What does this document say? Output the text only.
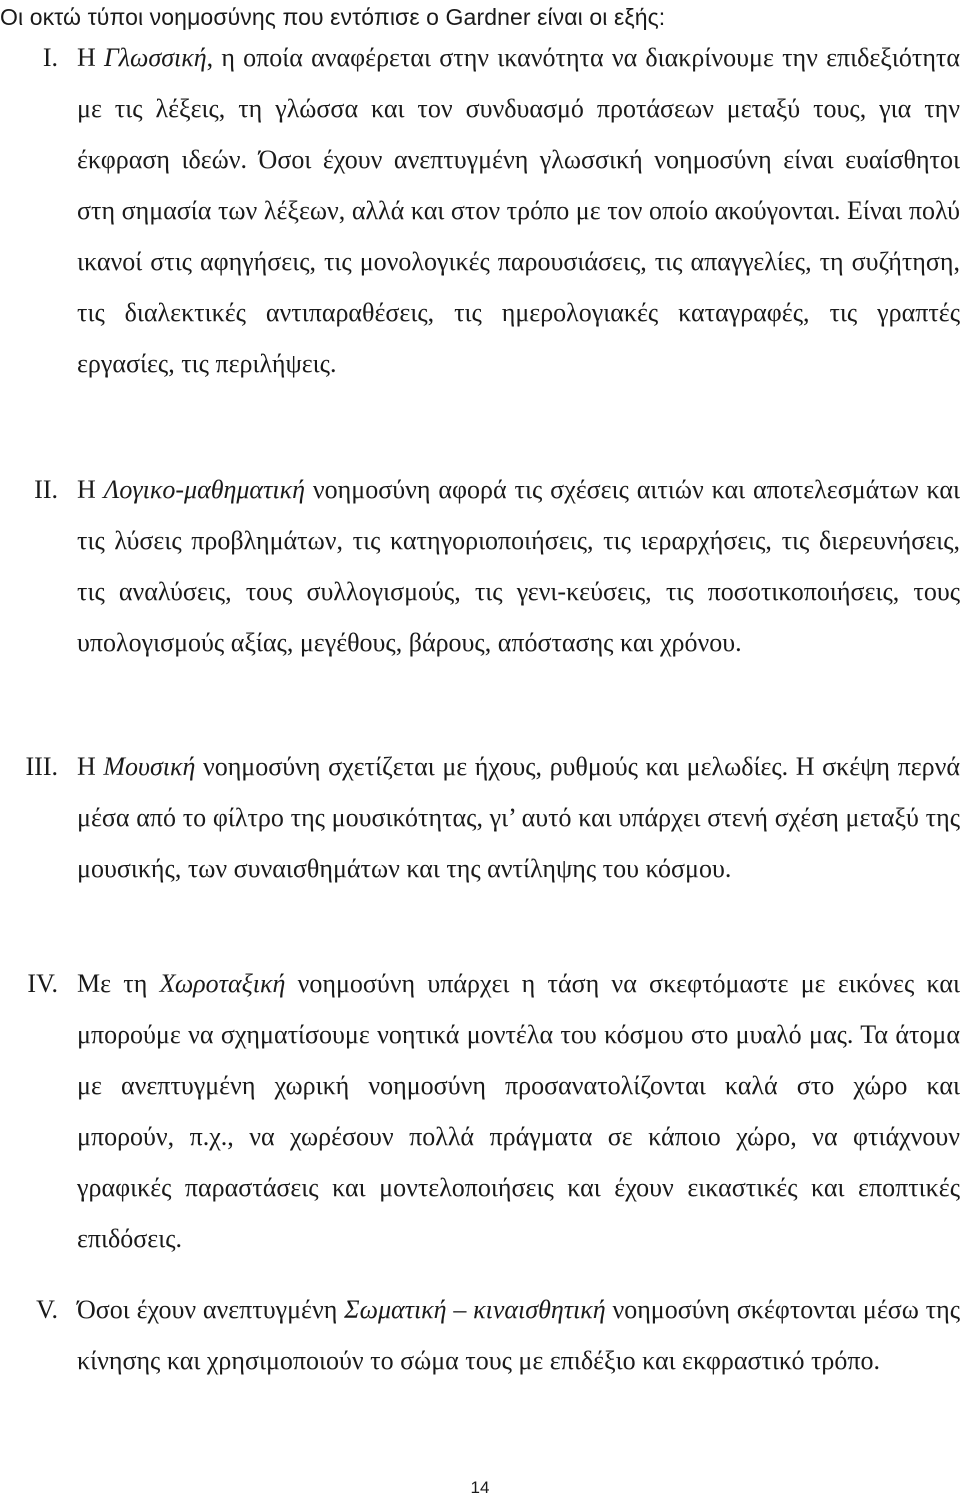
Οι οκτώ τύποι νοημοσύνης που εντόπισε ο Gardner είναι οι εξής:
I. Η Γλωσσική, η οποία αναφέρεται στην ικανότητα να διακρίνουμε την επιδεξιότητα με τις λέξεις, τη γλώσσα και τον συνδυασμό προτάσεων μεταξύ τους, για την έκφραση ιδεών. Όσοι έχουν ανεπτυγμένη γλωσσική νοημοσύνη είναι ευαίσθητοι στη σημασία των λέξεων, αλλά και στον τρόπο με τον οποίο ακούγονται. Είναι πολύ ικανοί στις αφηγήσεις, τις μονολογικές παρουσιάσεις, τις απαγγελίες, τη συζήτηση, τις διαλεκτικές αντιπαραθέσεις, τις ημερολογιακές καταγραφές, τις γραπτές εργασίες, τις περιλήψεις.
II. Η Λογικο-μαθηματική νοημοσύνη αφορά τις σχέσεις αιτιών και αποτελεσμάτων και τις λύσεις προβλημάτων, τις κατηγοριοποιήσεις, τις ιεραρχήσεις, τις διερευνήσεις, τις αναλύσεις, τους συλλογισμούς, τις γενι-κεύσεις, τις ποσοτικοποιήσεις, τους υπολογισμούς αξίας, μεγέθους, βάρους, απόστασης και χρόνου.
III. Η Μουσική νοημοσύνη σχετίζεται με ήχους, ρυθμούς και μελωδίες. Η σκέψη περνά μέσα από το φίλτρο της μουσικότητας, γι’ αυτό και υπάρχει στενή σχέση μεταξύ της μουσικής, των συναισθημάτων και της αντίληψης του κόσμου.
IV. Με τη Χωροταξική νοημοσύνη υπάρχει η τάση να σκεφτόμαστε με εικόνες και μπορούμε να σχηματίσουμε νοητικά μοντέλα του κόσμου στο μυαλό μας. Τα άτομα με ανεπτυγμένη χωρική νοημοσύνη προσανατολίζονται καλά στο χώρο και μπορούν, π.χ., να χωρέσουν πολλά πράγματα σε κάποιο χώρο, να φτιάχνουν γραφικές παραστάσεις και μοντελοποιήσεις και έχουν εικαστικές και εποπτικές επιδόσεις.
V. Όσοι έχουν ανεπτυγμένη Σωματική – κιναισθητική νοημοσύνη σκέφτονται μέσω της κίνησης και χρησιμοποιούν το σώμα τους με επιδέξιο και εκφραστικό τρόπο.
14
